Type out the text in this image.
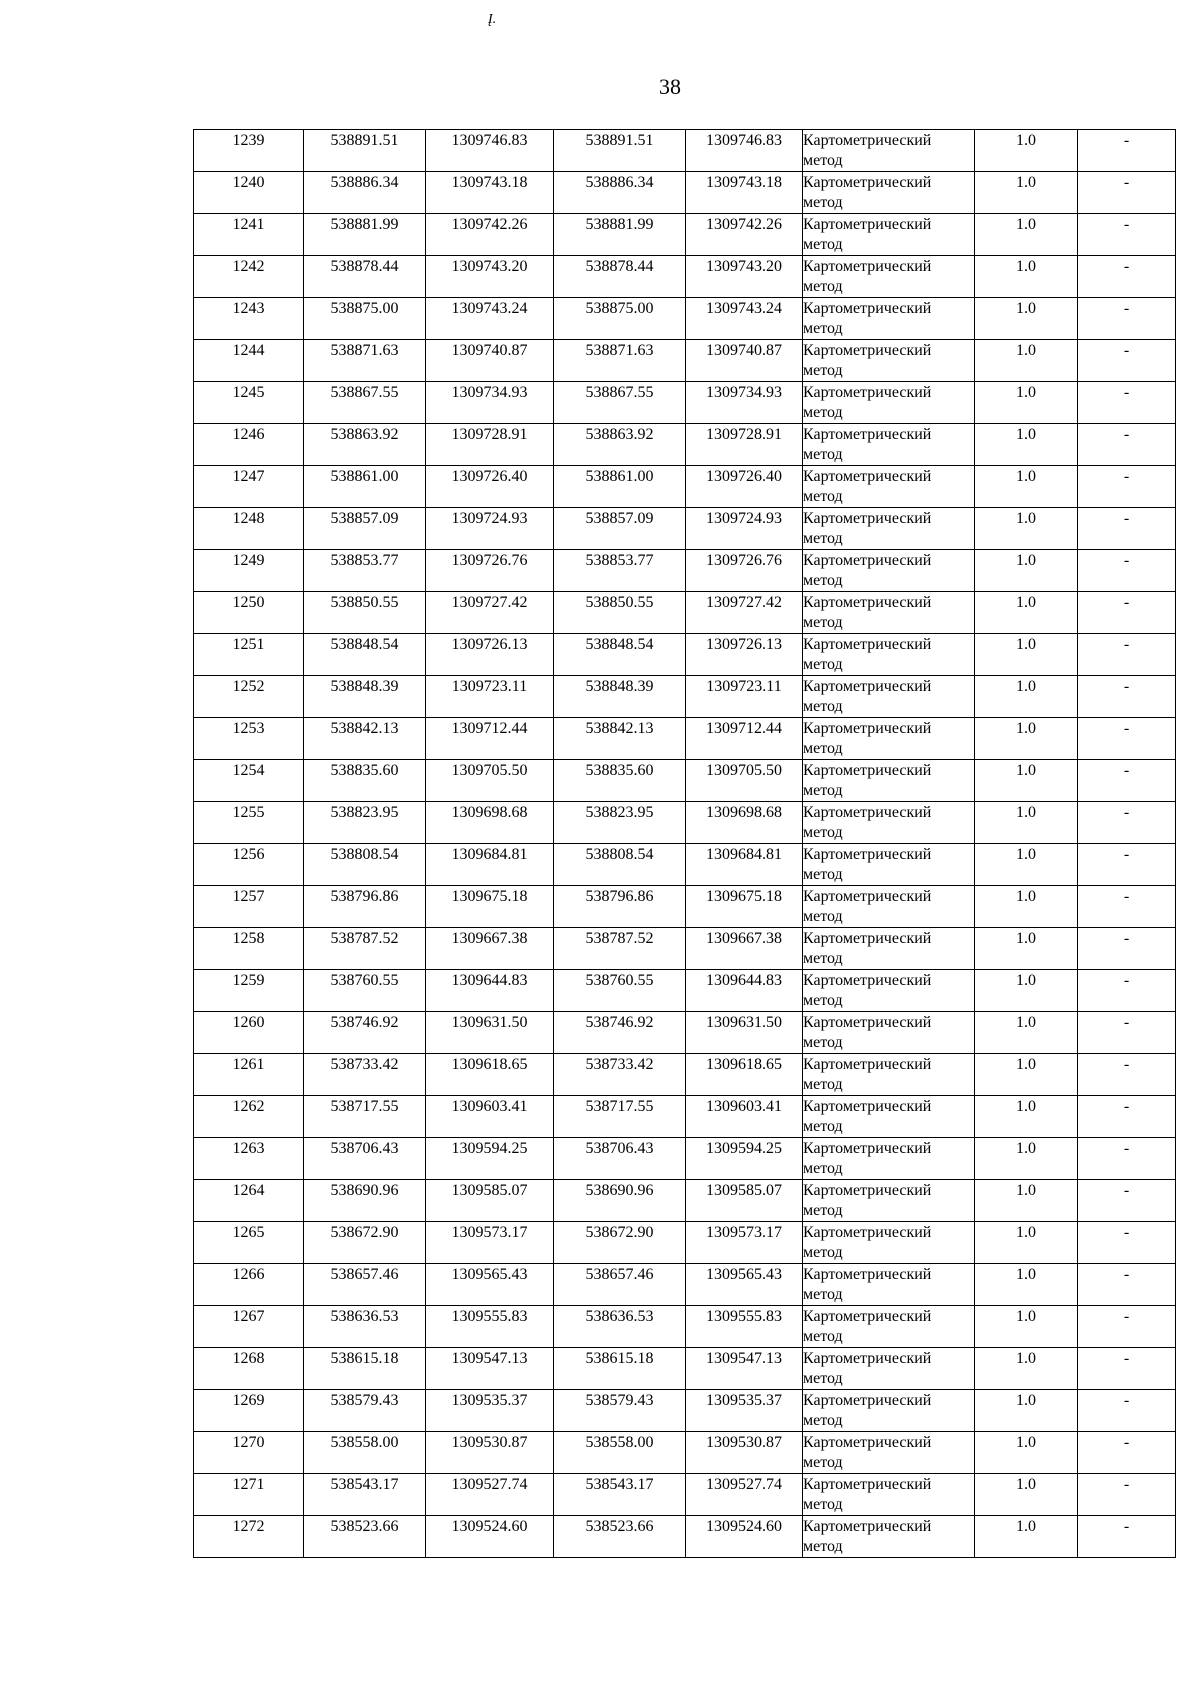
Į.
38
1239	538891.51	1309746.83	538891.51	1309746.83	Картометрический
метод	1.0	-
1240	538886.34	1309743.18	538886.34	1309743.18	Картометрический
метод	1.0	-
1241	538881.99	1309742.26	538881.99	1309742.26	Картометрический
метод	1.0	-
1242	538878.44	1309743.20	538878.44	1309743.20	Картометрический
метод	1.0	-
1243	538875.00	1309743.24	538875.00	1309743.24	Картометрический
метод	1.0	-
1244	538871.63	1309740.87	538871.63	1309740.87	Картометрический
метод	1.0	-
1245	538867.55	1309734.93	538867.55	1309734.93	Картометрический
метод	1.0	-
1246	538863.92	1309728.91	538863.92	1309728.91	Картометрический
метод	1.0	-
1247	538861.00	1309726.40	538861.00	1309726.40	Картометрический
метод	1.0	-
1248	538857.09	1309724.93	538857.09	1309724.93	Картометрический
метод	1.0	-
1249	538853.77	1309726.76	538853.77	1309726.76	Картометрический
метод	1.0	-
1250	538850.55	1309727.42	538850.55	1309727.42	Картометрический
метод	1.0	-
1251	538848.54	1309726.13	538848.54	1309726.13	Картометрический
метод	1.0	-
1252	538848.39	1309723.11	538848.39	1309723.11	Картометрический
метод	1.0	-
1253	538842.13	1309712.44	538842.13	1309712.44	Картометрический
метод	1.0	-
1254	538835.60	1309705.50	538835.60	1309705.50	Картометрический
метод	1.0	-
1255	538823.95	1309698.68	538823.95	1309698.68	Картометрический
метод	1.0	-
1256	538808.54	1309684.81	538808.54	1309684.81	Картометрический
метод	1.0	-
1257	538796.86	1309675.18	538796.86	1309675.18	Картометрический
метод	1.0	-
1258	538787.52	1309667.38	538787.52	1309667.38	Картометрический
метод	1.0	-
1259	538760.55	1309644.83	538760.55	1309644.83	Картометрический
метод	1.0	-
1260	538746.92	1309631.50	538746.92	1309631.50	Картометрический
метод	1.0	-
1261	538733.42	1309618.65	538733.42	1309618.65	Картометрический
метод	1.0	-
1262	538717.55	1309603.41	538717.55	1309603.41	Картометрический
метод	1.0	-
1263	538706.43	1309594.25	538706.43	1309594.25	Картометрический
метод	1.0	-
1264	538690.96	1309585.07	538690.96	1309585.07	Картометрический
метод	1.0	-
1265	538672.90	1309573.17	538672.90	1309573.17	Картометрический
метод	1.0	-
1266	538657.46	1309565.43	538657.46	1309565.43	Картометрический
метод	1.0	-
1267	538636.53	1309555.83	538636.53	1309555.83	Картометрический
метод	1.0	-
1268	538615.18	1309547.13	538615.18	1309547.13	Картометрический
метод	1.0	-
1269	538579.43	1309535.37	538579.43	1309535.37	Картометрический
метод	1.0	-
1270	538558.00	1309530.87	538558.00	1309530.87	Картометрический
метод	1.0	-
1271	538543.17	1309527.74	538543.17	1309527.74	Картометрический
метод	1.0	-
1272	538523.66	1309524.60	538523.66	1309524.60	Картометрический
метод	1.0	-
